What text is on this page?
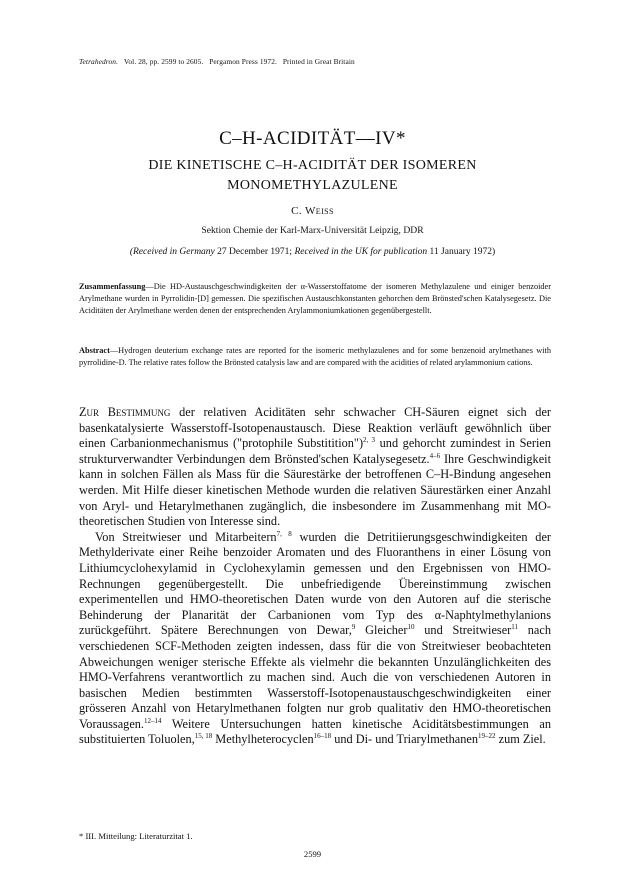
Tetrahedron. Vol. 28, pp. 2599 to 2605. Pergamon Press 1972. Printed in Great Britain
C–H-ACIDITÄT—IV*
DIE KINETISCHE C–H-ACIDITÄT DER ISOMEREN
MONOMETHYLAZULENE
C. Weiss
Sektion Chemie der Karl-Marx-Universität Leipzig, DDR
(Received in Germany 27 December 1971; Received in the UK for publication 11 January 1972)
Zusammenfassung—Die HD-Austauschgeschwindigkeiten der α-Wasserstoffatome der isomeren Methylazulene und einiger benzoider Arylmethane wurden in Pyrrolidin-[D] gemessen. Die spezifischen Austauschkonstanten gehorchen dem Brönsted'schen Katalysegesetz. Die Aciditäten der Arylmethane werden denen der entsprechenden Arylammoniumkationen gegenübergestellt.
Abstract—Hydrogen deuterium exchange rates are reported for the isomeric methylazulenes and for some benzenoid arylmethanes with pyrrolidine-D. The relative rates follow the Brönsted catalysis law and are compared with the acidities of related arylammonium cations.

Zur Bestimmung der relativen Aciditäten sehr schwacher CH-Säuren eignet sich der basenkatalysierte Wasserstoff-Isotopenaustausch. Diese Reaktion verläuft gewöhnlich über einen Carbanionmechanismus ("protophile Substitition")$^{2, 3}$ und gehorcht zumindest in Serien strukturverwandter Verbindungen dem Brönsted'schen Katalysegesetz.$^{4-6}$ Ihre Geschwindigkeit kann in solchen Fällen als Mass für die Säurestärke der betroffenen C–H-Bindung angesehen werden. Mit Hilfe dieser kinetischen Methode wurden die relativen Säurestärken einer Anzahl von Aryl- und Hetarylmethanen zugänglich, die insbesondere im Zusammenhang mit MO-theoretischen Studien von Interesse sind.

Von Streitwieser und Mitarbeitern$^{7, 8}$ wurden die Detritiierungsgeschwindigkeiten der Methylderivate einer Reihe benzoider Aromaten und des Fluoranthens in einer Lösung von Lithiumcyclohexylamid in Cyclohexylamin gemessen und den Ergebnissen von HMO-Rechnungen gegenübergestellt. Die unbefriedigende Übereinstimmung zwischen experimentellen und HMO-theoretischen Daten wurde von den Autoren auf die sterische Behinderung der Planarität der Carbanionen vom Typ des α-Naphtylmethylanions zurückgeführt. Spätere Berechnungen von Dewar,$^9$ Gleicher$^{10}$ und Streitwieser$^{11}$ nach verschiedenen SCF-Methoden zeigten indessen, dass für die von Streitwieser beobachteten Abweichungen weniger sterische Effekte als vielmehr die bekannten Unzulänglichkeiten des HMO-Verfahrens verantwortlich zu machen sind. Auch die von verschiedenen Autoren in basischen Medien bestimmten Wasserstoff-Isotopenaustauschgeschwindigkeiten einer grösseren Anzahl von Hetarylmethanen folgten nur grob qualitativ den HMO-theoretischen Voraussagen.$^{12-14}$ Weitere Untersuchungen hatten kinetische Aciditätsbestimmungen an substituierten Toluolen,$^{15, 18}$ Methylheterocyclen$^{16-18}$ und Di- und Triarylmethanen$^{19-22}$ zum Ziel.

* III. Mitteilung: Literaturzitat 1.
2599
